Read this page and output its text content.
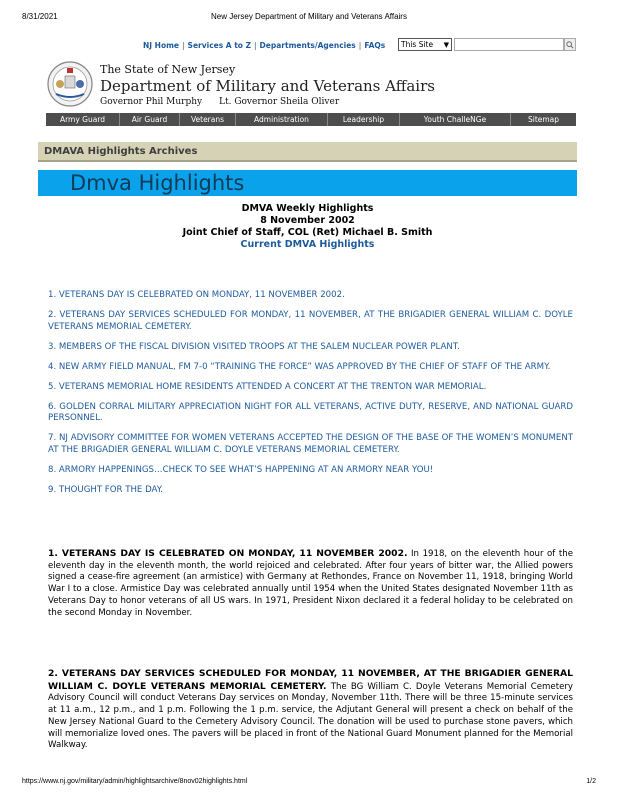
8/31/2021	New Jersey Department of Military and Veterans Affairs
NJ Home | Services A to Z | Departments/Agencies | FAQs This Site ▼
The State of New Jersey
Department of Military and Veterans Affairs
Governor Phil Murphy Lt. Governor Sheila Oliver
Army Guard	Air Guard	Veterans	Administration	Leadership	Youth ChalleNGe	Sitemap
DMAVA Highlights Archives
Dmva Highlights
DMVA Weekly Highlights
8 November 2002
Joint Chief of Staff, COL (Ret) Michael B. Smith
Current DMVA Highlights
1. VETERANS DAY IS CELEBRATED ON MONDAY, 11 NOVEMBER 2002.
2. VETERANS DAY SERVICES SCHEDULED FOR MONDAY, 11 NOVEMBER, AT THE BRIGADIER GENERAL WILLIAM C. DOYLE VETERANS MEMORIAL CEMETERY.
3. MEMBERS OF THE FISCAL DIVISION VISITED TROOPS AT THE SALEM NUCLEAR POWER PLANT.
4. NEW ARMY FIELD MANUAL, FM 7-0 “TRAINING THE FORCE” WAS APPROVED BY THE CHIEF OF STAFF OF THE ARMY.
5. VETERANS MEMORIAL HOME RESIDENTS ATTENDED A CONCERT AT THE TRENTON WAR MEMORIAL.
6. GOLDEN CORRAL MILITARY APPRECIATION NIGHT FOR ALL VETERANS, ACTIVE DUTY, RESERVE, AND NATIONAL GUARD PERSONNEL.
7. NJ ADVISORY COMMITTEE FOR WOMEN VETERANS ACCEPTED THE DESIGN OF THE BASE OF THE WOMEN’S MONUMENT AT THE BRIGADIER GENERAL WILLIAM C. DOYLE VETERANS MEMORIAL CEMETERY.
8. ARMORY HAPPENINGS…CHECK TO SEE WHAT’S HAPPENING AT AN ARMORY NEAR YOU!
9. THOUGHT FOR THE DAY.
1. VETERANS DAY IS CELEBRATED ON MONDAY, 11 NOVEMBER 2002. In 1918, on the eleventh hour of the eleventh day in the eleventh month, the world rejoiced and celebrated. After four years of bitter war, the Allied powers signed a cease-fire agreement (an armistice) with Germany at Rethondes, France on November 11, 1918, bringing World War I to a close. Armistice Day was celebrated annually until 1954 when the United States designated November 11th as Veterans Day to honor veterans of all US wars. In 1971, President Nixon declared it a federal holiday to be celebrated on the second Monday in November.
2. VETERANS DAY SERVICES SCHEDULED FOR MONDAY, 11 NOVEMBER, AT THE BRIGADIER GENERAL WILLIAM C. DOYLE VETERANS MEMORIAL CEMETERY. The BG William C. Doyle Veterans Memorial Cemetery Advisory Council will conduct Veterans Day services on Monday, November 11th. There will be three 15-minute services at 11 a.m., 12 p.m., and 1 p.m. Following the 1 p.m. service, the Adjutant General will present a check on behalf of the New Jersey National Guard to the Cemetery Advisory Council. The donation will be used to purchase stone pavers, which will memorialize loved ones. The pavers will be placed in front of the National Guard Monument planned for the Memorial Walkway.
https://www.nj.gov/military/admin/highlightsarchive/8nov02highlights.html	1/2
